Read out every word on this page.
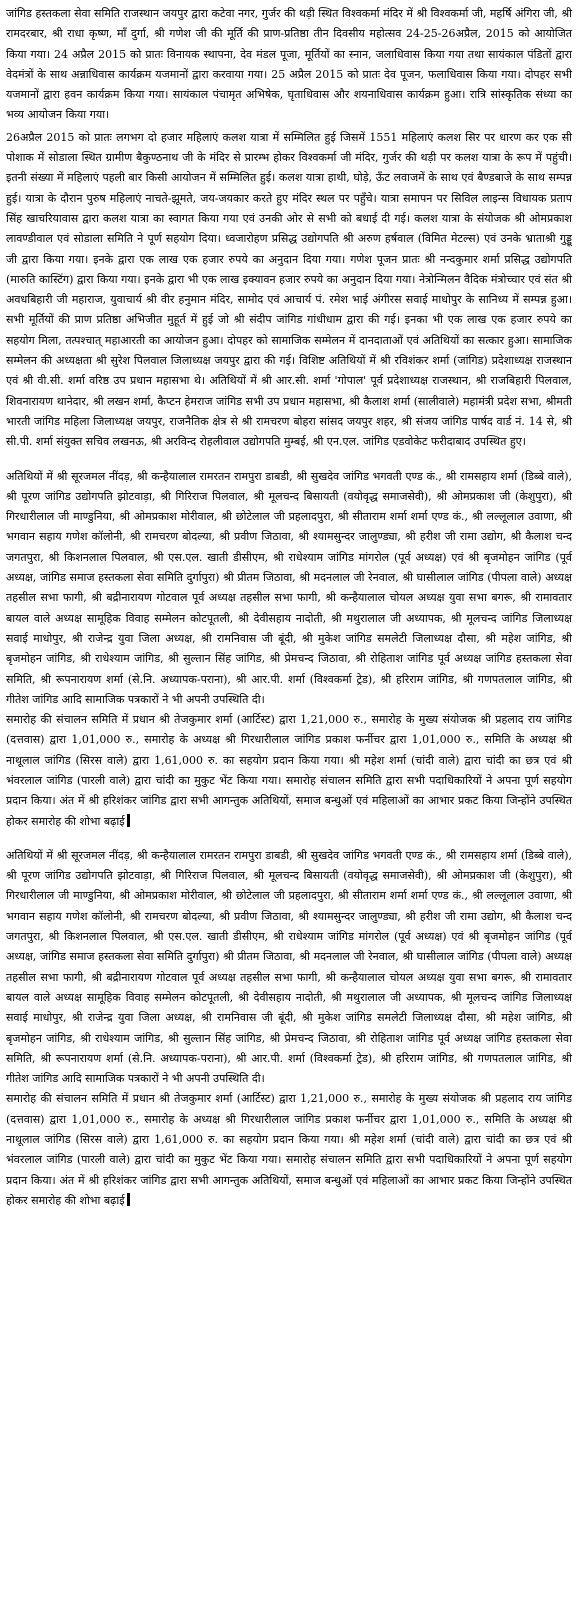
जांगिड हस्तकला सेवा समिति राजस्थान जयपुर द्वारा कटेवा नगर, गुर्जर की थड़ी स्थित विश्वकर्मा मंदिर में श्री विश्वकर्मा जी, महर्षि अंगिरा जी, श्री रामदरबार, श्री राधा कृष्ण, माँ दुर्गा, श्री गणेश जी की मूर्ति की प्राण-प्रतिष्ठा तीन दिवसीय महोत्सव 24-25-26अप्रैल, 2015 को आयोजित किया गया। 24 अप्रैल 2015 को प्रातः विनायक स्थापना, देव मंडल पूजा, मूर्तियों का स्नान, जलाधिवास किया गया तथा सायंकाल पंडितों द्वारा वेदमंत्रों के साथ अन्नाधिवास कार्यक्रम यजमानों द्वारा करवाया गया। 25 अप्रैल 2015 को प्रातः देव पूजन, फलाधिवास किया गया। दोपहर सभी यजमानों द्वारा हवन कार्यक्रम किया गया। सायंकाल पंचामृत अभिषेक, घृताधिवास और शयनाधिवास कार्यक्रम हुआ। रात्रि सांस्कृतिक संध्या का भव्य आयोजन किया गया।

26अप्रैल 2015 को प्रातः लगभग दो हजार महिलाएं कलश यात्रा में सम्मिलित हुई जिसमें 1551 महिलाएं कलश सिर पर धारण कर एक सी पोशाक में सोडाला स्थित ग्रामीण बैकुण्ठनाथ जी के मंदिर से प्रारम्भ होकर विश्वकर्मा जी मंदिर, गुर्जर की थड़ी पर कलश यात्रा के रूप में पहुंची। इतनी संख्या में महिलाएं पहली बार किसी आयोजन में सम्मिलित हुई। कलश यात्रा हाथी, घोड़े, ऊँट लवाजमें के साथ एवं बैण्डबाजे के साथ सम्पन्न हुई। यात्रा के दौरान पुरुष महिलाएं नाचते-झूमते, जय-जयकार करते हुए मंदिर स्थल पर पहुँचे। यात्रा समापन पर सिविल लाइन्स विधायक प्रताप सिंह खाचरियावास द्वारा कलश यात्रा का स्वागत किया गया एवं उनकी ओर से सभी को बधाई दी गई। कलश यात्रा के संयोजक श्री ओमप्रकाश लावण्डीवाल एवं सोडाला समिति ने पूर्ण सहयोग दिया। ध्वजारोहण प्रसिद्ध उद्योगपति श्री अरुण हर्षवाल (विमित मेटल्स) एवं उनके भ्राताश्री गुड्डू जी द्वारा किया गया। इनके द्वारा एक लाख एक हजार रुपये का अनुदान दिया गया। गणेश पूजन प्रातः श्री नन्दकुमार शर्मा प्रसिद्ध उद्योगपति (मारुति कास्टिंग) द्वारा किया गया। इनके द्वारा भी एक लाख इक्यावन हजार रुपये का अनुदान दिया गया। नेत्रोन्मिलन वैदिक मंत्रोच्चार एवं संत श्री अवधबिहारी जी महाराज, युवाचार्य श्री वीर हनुमान मंदिर, सामोद एवं आचार्य पं. रमेश भाई अंगीरस सवाई माधोपुर के सानिध्य में सम्पन्न हुआ। सभी मूर्तियों की प्राण प्रतिष्ठा अभिजीत मुहूर्त में हुई जो श्री संदीप जांगिड गांधीधाम द्वारा की गई। इनका भी एक लाख एक हजार रुपये का सहयोग मिला, तत्पश्चात् महाआरती का आयोजन हुआ। दोपहर को सामाजिक सम्मेलन में दानदाताओं एवं अतिथियों का सत्कार हुआ। सामाजिक सम्मेलन की अध्यक्षता श्री सुरेश पिलवाल जिलाध्यक्ष जयपुर द्वारा की गई। विशिष्ट अतिथियों में श्री रविशंकर शर्मा (जांगिड) प्रदेशाध्यक्ष राजस्थान एवं श्री वी.सी. शर्मा वरिष्ठ उप प्रधान महासभा थे। अतिथियों में श्री आर.सी. शर्मा 'गोपाल' पूर्व प्रदेशाध्यक्ष राजस्थान, श्री राजबिहारी पिलवाल, शिवनारायण थानेदार, श्री लखन शर्मा, कैप्टन हेमराज जांगिड सभी उप प्रधान महासभा, श्री कैलाश शर्मा (सालीवाले) महामंत्री प्रदेश सभा, श्रीमती भारती जांगिड महिला जिलाध्यक्ष जयपुर, राजनैतिक क्षेत्र से श्री रामचरण बोहरा सांसद जयपुर शहर, श्री संजय जांगिड पार्षद वार्ड नं. 14 से, श्री सी.पी. शर्मा संयुक्त सचिव लखनऊ, श्री अरविन्द रोहलीवाल उद्योगपति मुम्बई, श्री एन.एल. जांगिड एडवोकेट फरीदाबाद उपस्थित हुए।

अतिथियों में श्री सूरजमल नींदड़, श्री कन्हैयालाल रामरतन रामपुरा डाबडी, श्री सुखदेव जांगिड भगवती एण्ड कं., श्री रामसहाय शर्मा (डिब्बे वाले), श्री पूरण जांगिड उद्योगपति झोटवाड़ा, श्री गिरिराज पिलवाल, श्री मूलचन्द बिसायती (वयोवृद्ध समाजसेवी), श्री ओमप्रकाश जी (केशुपुरा), श्री गिरधारीलाल जी माण्डुनिया, श्री ओमप्रकाश मोरीवाल, श्री छोटेलाल जी प्रहलादपुरा, श्री सीताराम शर्मा शर्मा एण्ड कं., श्री लल्लूलाल उवाणा, श्री भगवान सहाय गणेश कॉलोनी, श्री रामचरण बोदल्या, श्री प्रवीण जिठावा, श्री श्यामसुन्दर जालुण्ड्या, श्री हरीश जी रामा उद्योग, श्री कैलाश चन्द जगतपुरा, श्री किशनलाल पिलवाल, श्री एस.एल. खाती डीसीएम, श्री राधेश्याम जांगिड मांगरोल (पूर्व अध्यक्ष) एवं श्री बृजमोहन जांगिड (पूर्व अध्यक्ष, जांगिड समाज हस्तकला सेवा समिति दुर्गापुरा) श्री प्रीतम जिठावा, श्री मदनलाल जी रेनवाल, श्री घासीलाल जांगिड (पीपला वाले) अध्यक्ष तहसील सभा फागी, श्री बद्रीनारायण गोटवाल पूर्व अध्यक्ष तहसील सभा फागी, श्री कन्हैयालाल चोयल अध्यक्ष युवा सभा बगरू, श्री रामावतार बायल वाले अध्यक्ष सामूहिक विवाह सम्मेलन कोटपूतली, श्री देवीसहाय नादोती, श्री मथुरालाल जी अध्यापक, श्री मूलचन्द जांगिड जिलाध्यक्ष सवाई माधोपुर, श्री राजेन्द्र युवा जिला अध्यक्ष, श्री रामनिवास जी बूंदी, श्री मुकेश जांगिड समलेटी जिलाध्यक्ष दौसा, श्री महेश जांगिड, श्री बृजमोहन जांगिड, श्री राधेश्याम जांगिड, श्री सुल्तान सिंह जांगिड, श्री प्रेमचन्द जिठावा, श्री रोहिताश जांगिड पूर्व अध्यक्ष जांगिड हस्तकला सेवा समिति, श्री रूपनारायण शर्मा (से.नि. अध्यापक-पराना), श्री आर.पी. शर्मा (विश्वकर्मा ट्रेड), श्री हरिराम जांगिड, श्री गणपतलाल जांगिड, श्री गीतेश जांगिड आदि सामाजिक पत्रकारों ने भी अपनी उपस्थिति दी।

समारोह की संचालन समिति में प्रधान श्री तेजकुमार शर्मा (आर्टिस्ट) द्वारा 1,21,000 रु., समारोह के मुख्य संयोजक श्री प्रहलाद राय जांगिड (दत्तवास) द्वारा 1,01,000 रु., समारोह के अध्यक्ष श्री गिरधारीलाल जांगिड प्रकाश फर्नीचर द्वारा 1,01,000 रु., समिति के अध्यक्ष श्री नाथूलाल जांगिड (सिरस वाले) द्वारा 1,61,000 रु. का सहयोग प्रदान किया गया। श्री महेश शर्मा (चांदी वाले) द्वारा चांदी का छत्र एवं श्री भंवरलाल जांगिड (पारली वाले) द्वारा चांदी का मुकुट भेंट किया गया। समारोह संचालन समिति द्वारा सभी पदाधिकारियों ने अपना पूर्ण सहयोग प्रदान किया। अंत में श्री हरिशंकर जांगिड द्वारा सभी आगन्तुक अतिथियों, समाज बन्धुओं एवं महिलाओं का आभार प्रकट किया जिन्होंने उपस्थित होकर समारोह की शोभा बढ़ाई

अतिथियों में श्री सूरजमल नींदड़, श्री कन्हैयालाल रामरतन रामपुरा डाबडी, श्री सुखदेव जांगिड भगवती एण्ड कं., श्री रामसहाय शर्मा (डिब्बे वाले), श्री पूरण जांगिड उद्योगपति झोटवाड़ा, श्री गिरिराज पिलवाल, श्री मूलचन्द बिसायती (वयोवृद्ध समाजसेवी), श्री ओमप्रकाश जी (केशुपुरा), श्री गिरधारीलाल जी माण्डुनिया, श्री ओमप्रकाश मोरीवाल, श्री छोटेलाल जी प्रहलादपुरा, श्री सीताराम शर्मा शर्मा एण्ड कं., श्री लल्लूलाल उवाणा, श्री भगवान सहाय गणेश कॉलोनी, श्री रामचरण बोदल्या, श्री प्रवीण जिठावा, श्री श्यामसुन्दर जालुण्ड्या, श्री हरीश जी रामा उद्योग, श्री कैलाश चन्द जगतपुरा, श्री किशनलाल पिलवाल, श्री एस.एल. खाती डीसीएम, श्री राधेश्याम जांगिड मांगरोल (पूर्व अध्यक्ष) एवं श्री बृजमोहन जांगिड (पूर्व अध्यक्ष, जांगिड समाज हस्तकला सेवा समिति दुर्गापुरा) श्री प्रीतम जिठावा, श्री मदनलाल जी रेनवाल, श्री घासीलाल जांगिड (पीपला वाले) अध्यक्ष तहसील सभा फागी, श्री बद्रीनारायण गोटवाल पूर्व अध्यक्ष तहसील सभा फागी, श्री कन्हैयालाल चोयल अध्यक्ष युवा सभा बगरू, श्री रामावतार बायल वाले अध्यक्ष सामूहिक विवाह सम्मेलन कोटपूतली, श्री देवीसहाय नादोती, श्री मथुरालाल जी अध्यापक, श्री मूलचन्द जांगिड जिलाध्यक्ष सवाई माधोपुर, श्री राजेन्द्र युवा जिला अध्यक्ष, श्री रामनिवास जी बूंदी, श्री मुकेश जांगिड समलेटी जिलाध्यक्ष दौसा, श्री महेश जांगिड, श्री बृजमोहन जांगिड, श्री राधेश्याम जांगिड, श्री सुल्तान सिंह जांगिड, श्री प्रेमचन्द जिठावा, श्री रोहिताश जांगिड पूर्व अध्यक्ष जांगिड हस्तकला सेवा समिति, श्री रूपनारायण शर्मा (से.नि. अध्यापक-पराना), श्री आर.पी. शर्मा (विश्वकर्मा ट्रेड), श्री हरिराम जांगिड, श्री गणपतलाल जांगिड, श्री गीतेश जांगिड आदि सामाजिक पत्रकारों ने भी अपनी उपस्थिति दी।

समारोह की संचालन समिति में प्रधान श्री तेजकुमार शर्मा (आर्टिस्ट) द्वारा 1,21,000 रु., समारोह के मुख्य संयोजक श्री प्रहलाद राय जांगिड (दत्तवास) द्वारा 1,01,000 रु., समारोह के अध्यक्ष श्री गिरधारीलाल जांगिड प्रकाश फर्नीचर द्वारा 1,01,000 रु., समिति के अध्यक्ष श्री नाथूलाल जांगिड (सिरस वाले) द्वारा 1,61,000 रु. का सहयोग प्रदान किया गया। श्री महेश शर्मा (चांदी वाले) द्वारा चांदी का छत्र एवं श्री भंवरलाल जांगिड (पारली वाले) द्वारा चांदी का मुकुट भेंट किया गया। समारोह संचालन समिति द्वारा सभी पदाधिकारियों ने अपना पूर्ण सहयोग प्रदान किया। अंत में श्री हरिशंकर जांगिड द्वारा सभी आगन्तुक अतिथियों, समाज बन्धुओं एवं महिलाओं का आभार प्रकट किया जिन्होंने उपस्थित होकर समारोह की शोभा बढ़ाई
